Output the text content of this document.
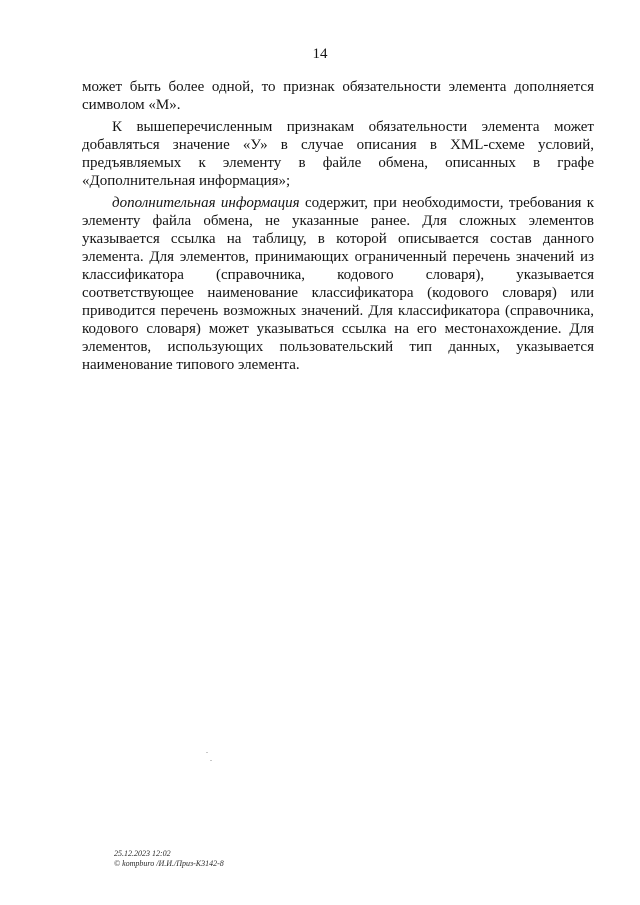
14

может быть более одной, то признак обязательности элемента дополняется символом «М».

К вышеперечисленным признакам обязательности элемента может добавляться значение «У» в случае описания в XML-схеме условий, предъявляемых к элементу в файле обмена, описанных в графе «Дополнительная информация»;

дополнительная информация содержит, при необходимости, требования к элементу файла обмена, не указанные ранее. Для сложных элементов указывается ссылка на таблицу, в которой описывается состав данного элемента. Для элементов, принимающих ограниченный перечень значений из классификатора (справочника, кодового словаря), указывается соответствующее наименование классификатора (кодового словаря) или приводится перечень возможных значений. Для классификатора (справочника, кодового словаря) может указываться ссылка на его местонахождение. Для элементов, использующих пользовательский тип данных, указывается наименование типового элемента.

25.12.2023 12:02
© kompburo /И.И./Приз-К3142-8
